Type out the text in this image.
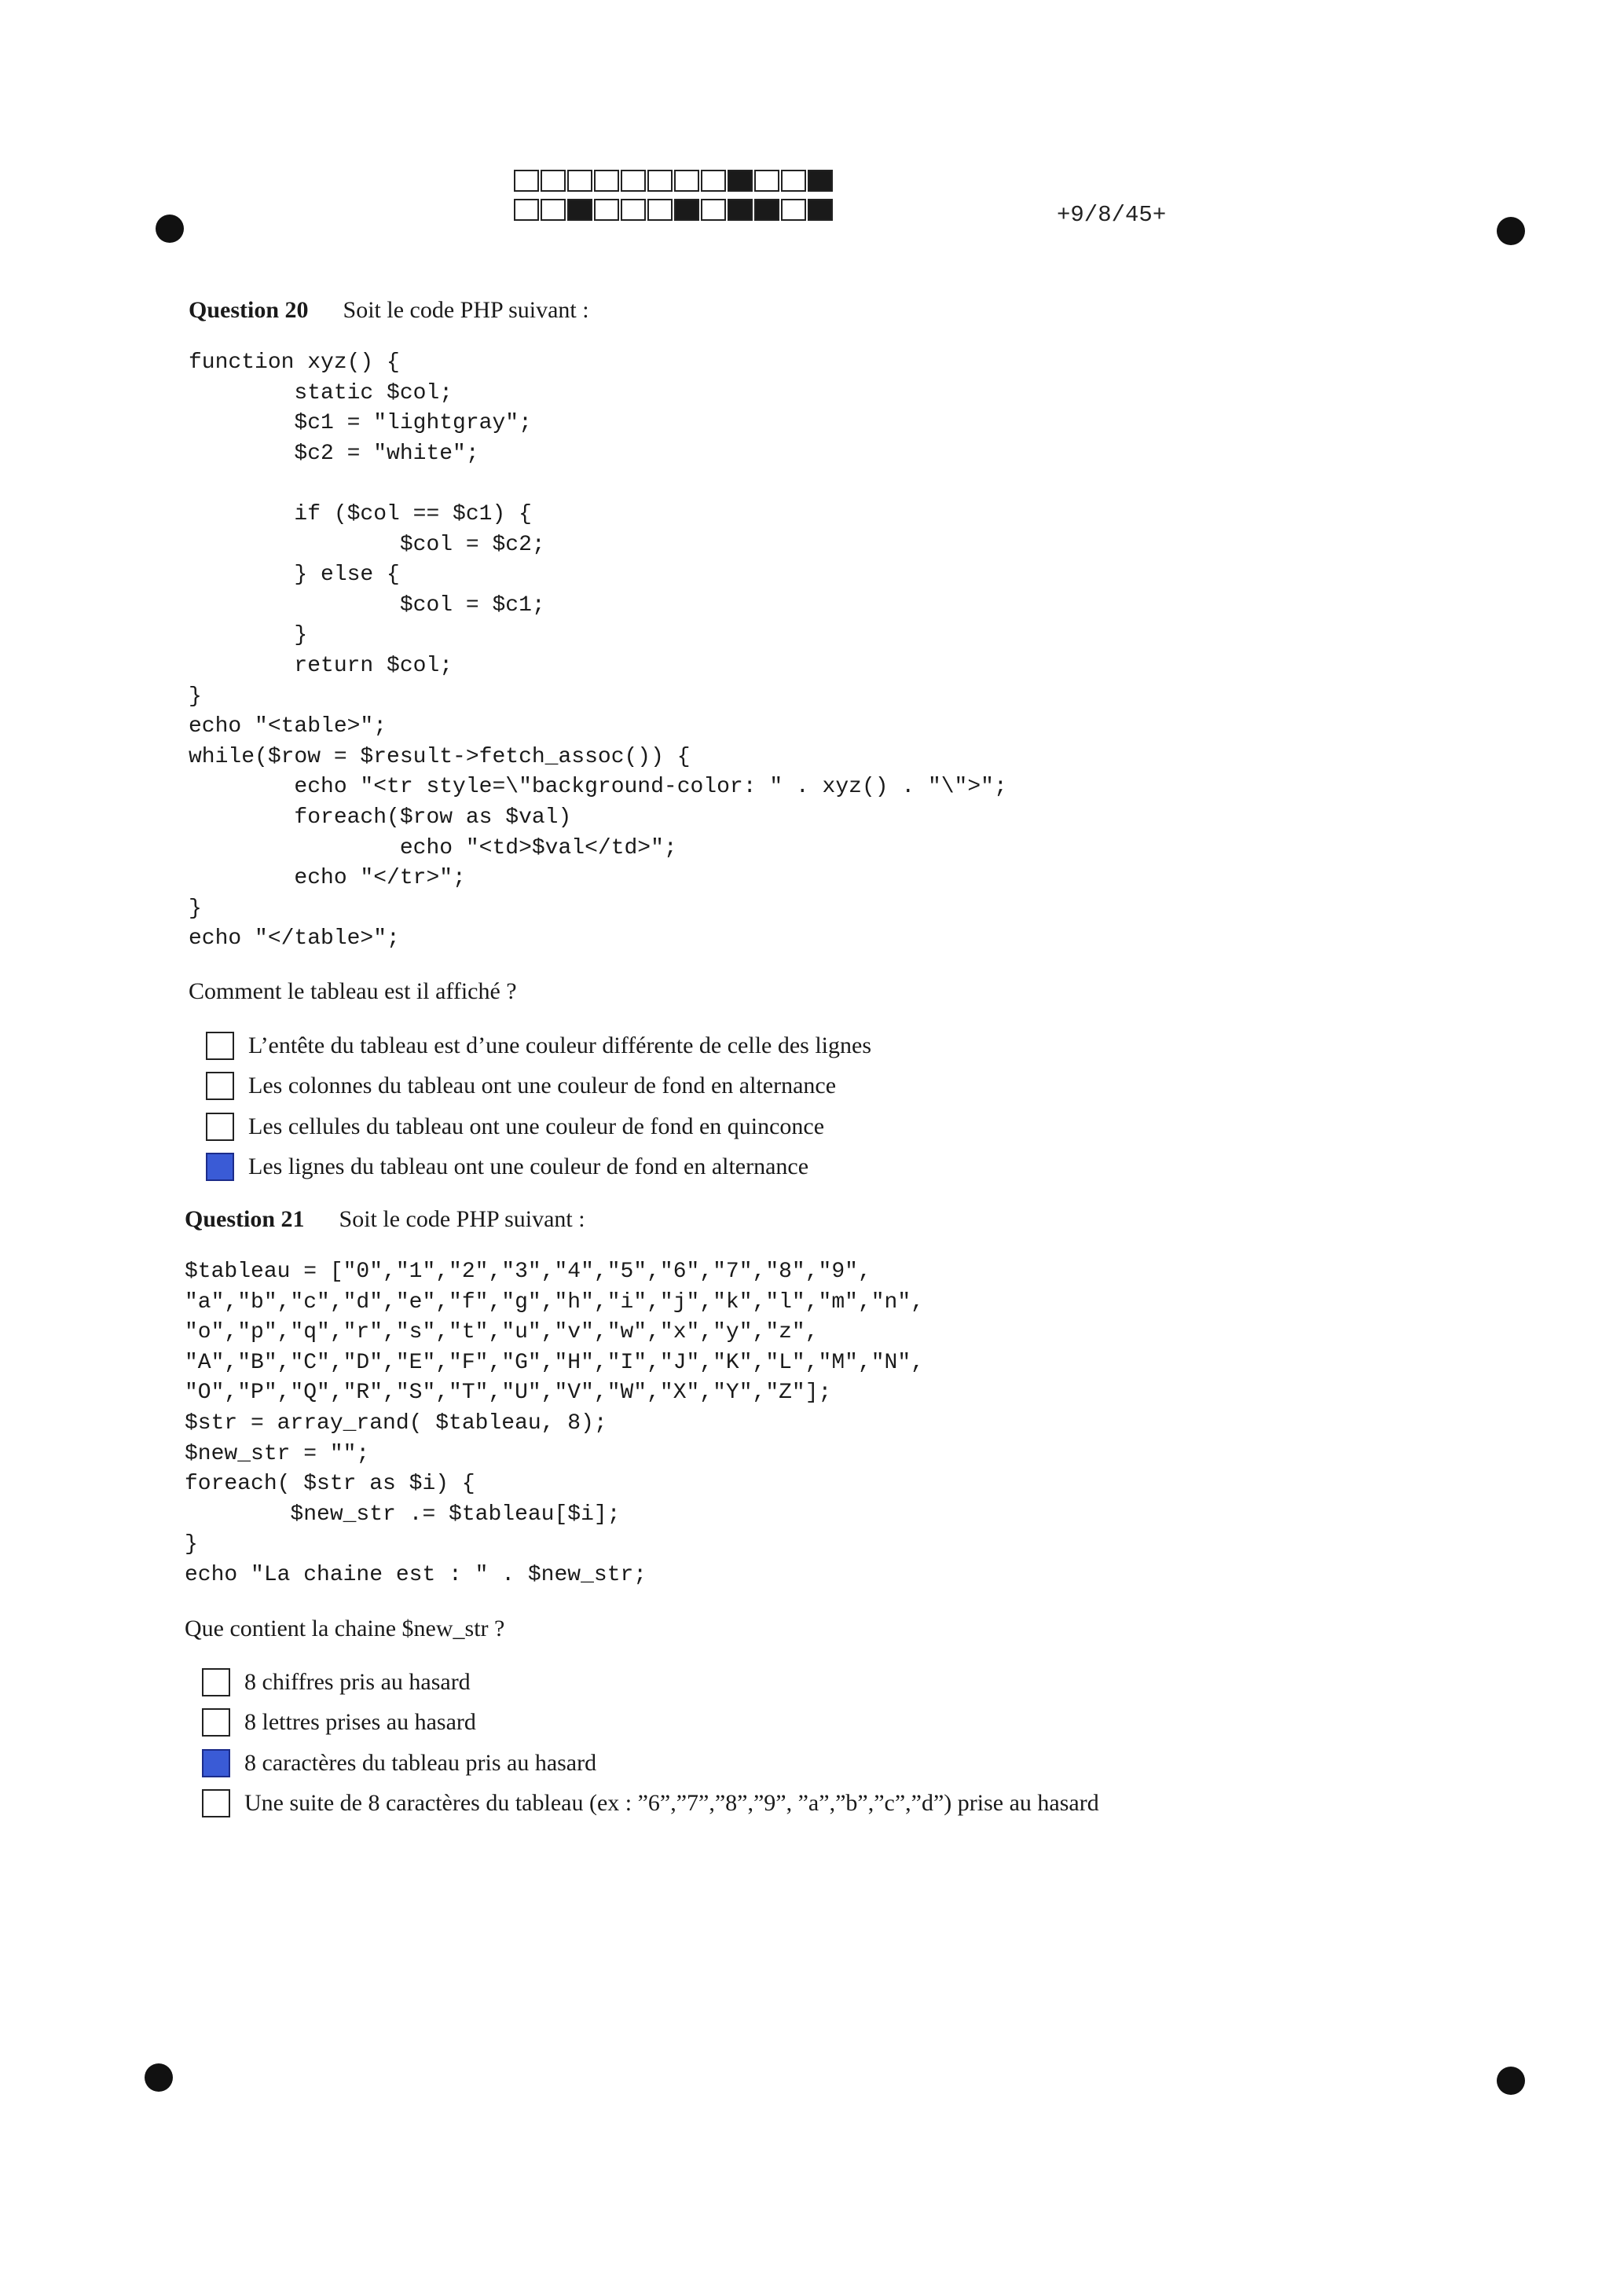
+9/8/45+
Question 20 Soit le code PHP suivant :
function xyz() {
static $col;
$c1 = "lightgray";
$c2 = "white";

if ($col == $c1) {
$col = $c2;
} else {
$col = $c1;
}
return $col;
}
echo "<table>";
while($row = $result->fetch_assoc()) {
echo "<tr style=\"background-color: " . xyz() . "\">";
foreach($row as $val)
echo "<td>$val</td>";
echo "</tr>";
}
echo "</table>";
Comment le tableau est il affiché ?
L’entête du tableau est d’une couleur différente de celle des lignes
Les colonnes du tableau ont une couleur de fond en alternance
Les cellules du tableau ont une couleur de fond en quinconce
Les lignes du tableau ont une couleur de fond en alternance
Question 21 Soit le code PHP suivant :
$tableau = ["0","1","2","3","4","5","6","7","8","9",
"a","b","c","d","e","f","g","h","i","j","k","l","m","n",
"o","p","q","r","s","t","u","v","w","x","y","z",
"A","B","C","D","E","F","G","H","I","J","K","L","M","N",
"O","P","Q","R","S","T","U","V","W","X","Y","Z"];
$str = array_rand( $tableau, 8);
$new_str = "";
foreach( $str as $i) {
$new_str .= $tableau[$i];
}
echo "La chaine est : " . $new_str;
Que contient la chaine $new_str ?
8 chiffres pris au hasard
8 lettres prises au hasard
8 caractères du tableau pris au hasard
Une suite de 8 caractères du tableau (ex : ”6”,”7”,”8”,”9”, ”a”,”b”,”c”,”d”) prise au hasard
